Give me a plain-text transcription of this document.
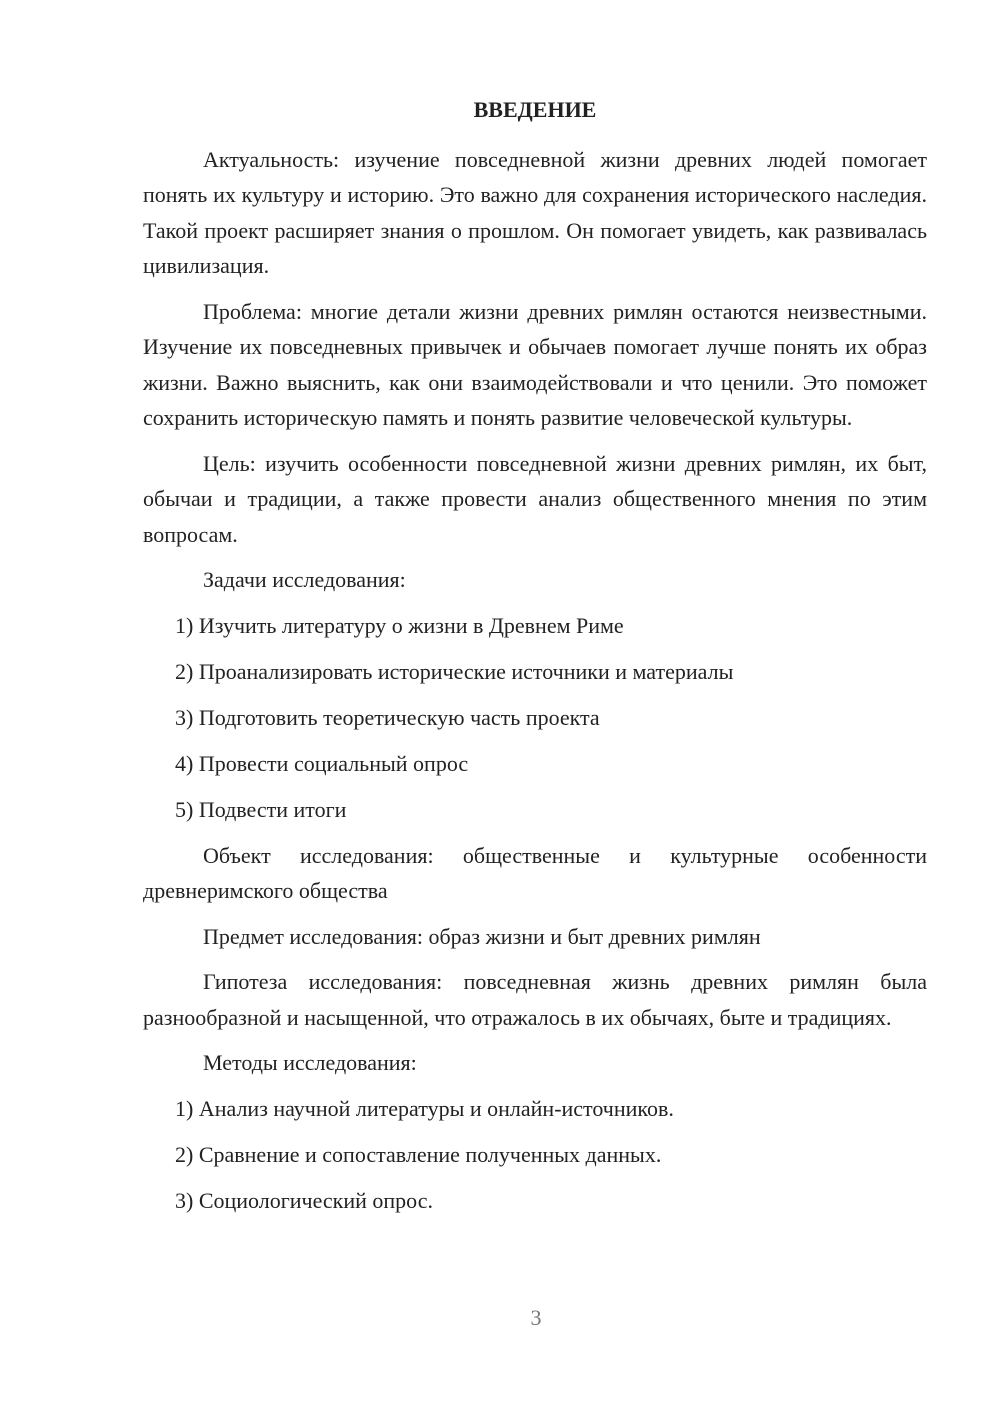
ВВЕДЕНИЕ

Актуальность: изучение повседневной жизни древних людей помогает понять их культуру и историю. Это важно для сохранения исторического наследия. Такой проект расширяет знания о прошлом. Он помогает увидеть, как развивалась цивилизация.

Проблема: многие детали жизни древних римлян остаются неизвестными. Изучение их повседневных привычек и обычаев помогает лучше понять их образ жизни. Важно выяснить, как они взаимодействовали и что ценили. Это поможет сохранить историческую память и понять развитие человеческой культуры.

Цель: изучить особенности повседневной жизни древних римлян, их быт, обычаи и традиции, а также провести анализ общественного мнения по этим вопросам.

Задачи исследования:

1) Изучить литературу о жизни в Древнем Риме
2) Проанализировать исторические источники и материалы
3) Подготовить теоретическую часть проекта
4) Провести социальный опрос
5) Подвести итоги

Объект исследования: общественные и культурные особенности древнеримского общества

Предмет исследования: образ жизни и быт древних римлян

Гипотеза исследования: повседневная жизнь древних римлян была разнообразной и насыщенной, что отражалось в их обычаях, быте и традициях.

Методы исследования:

1) Анализ научной литературы и онлайн-источников.
2) Сравнение и сопоставление полученных данных.
3) Социологический опрос.
3
